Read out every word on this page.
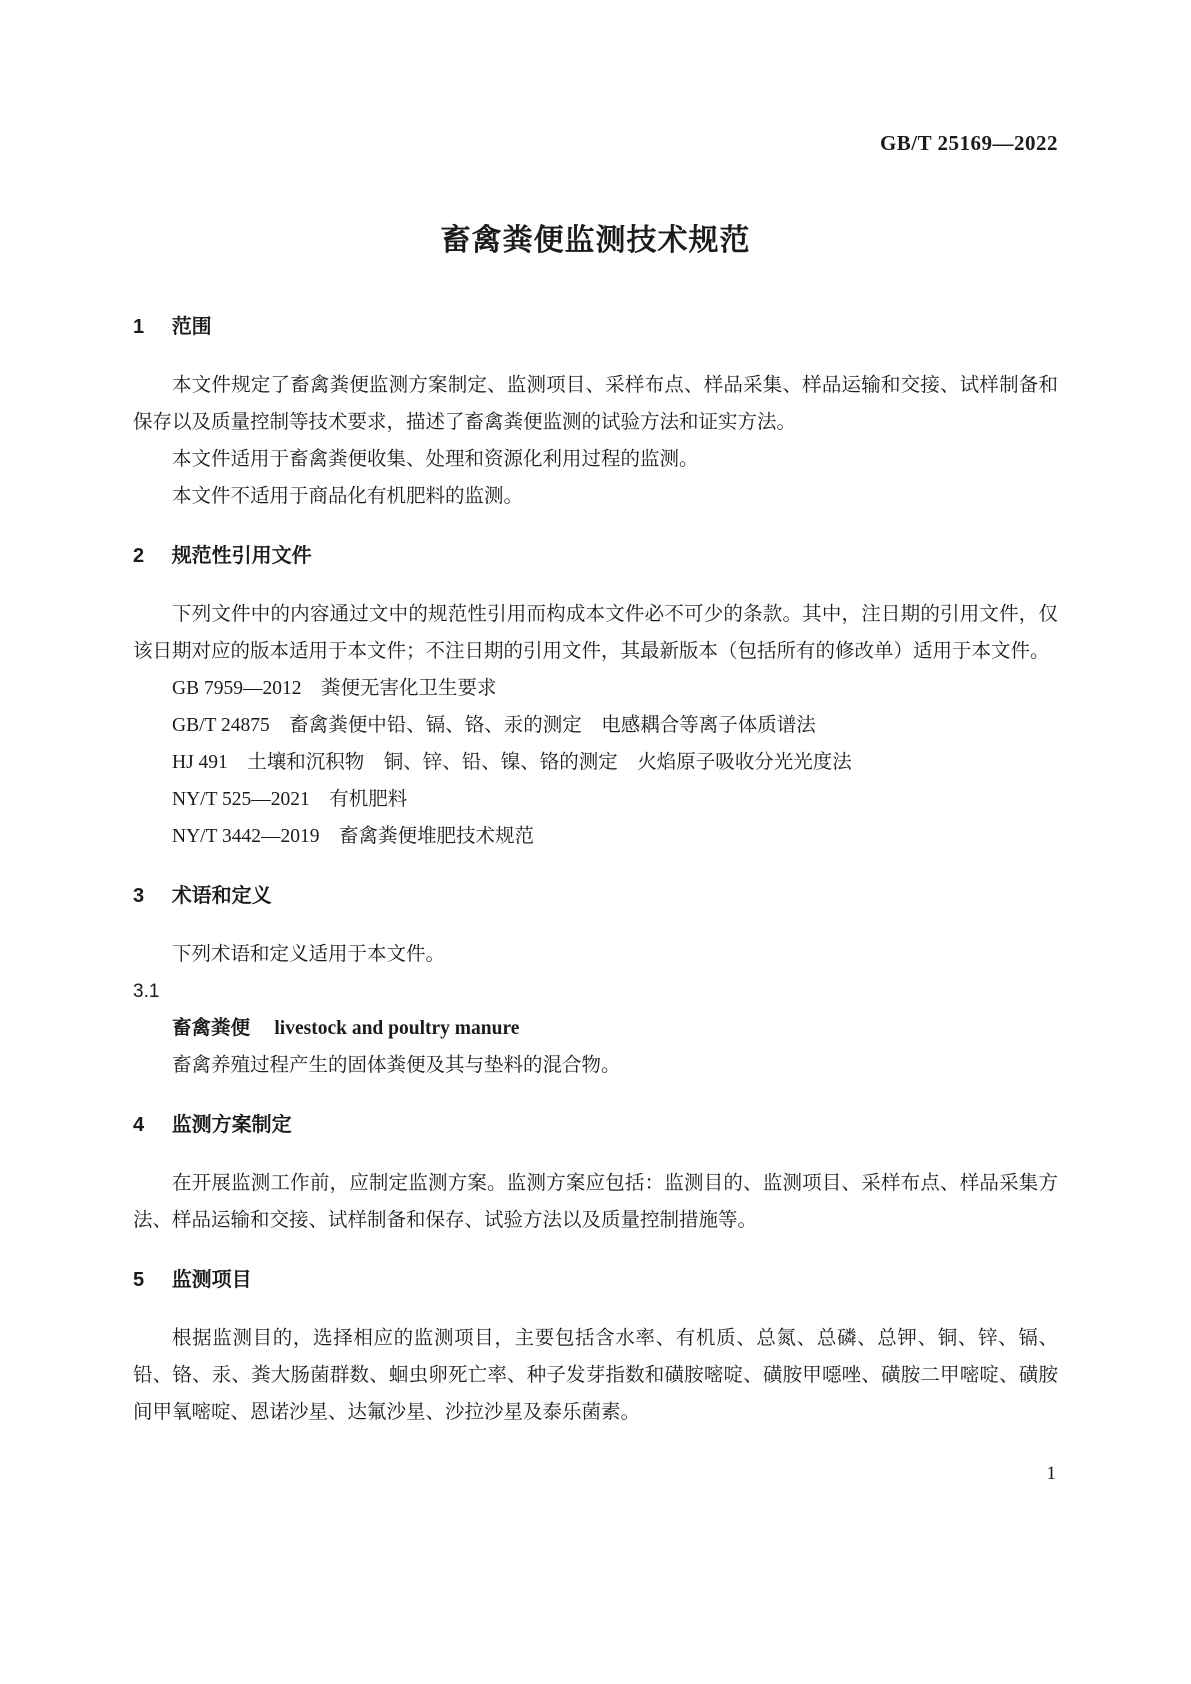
GB/T 25169—2022
畜禽粪便监测技术规范
1 范围

本文件规定了畜禽粪便监测方案制定、监测项目、采样布点、样品采集、样品运输和交接、试样制备和保存以及质量控制等技术要求，描述了畜禽粪便监测的试验方法和证实方法。

本文件适用于畜禽粪便收集、处理和资源化利用过程的监测。

本文件不适用于商品化有机肥料的监测。

2 规范性引用文件

下列文件中的内容通过文中的规范性引用而构成本文件必不可少的条款。其中，注日期的引用文件，仅该日期对应的版本适用于本文件；不注日期的引用文件，其最新版本（包括所有的修改单）适用于本文件。

GB 7959—2012　粪便无害化卫生要求

GB/T 24875　畜禽粪便中铅、镉、铬、汞的测定　电感耦合等离子体质谱法

HJ 491　土壤和沉积物　铜、锌、铅、镍、铬的测定　火焰原子吸收分光光度法

NY/T 525—2021　有机肥料

NY/T 3442—2019　畜禽粪便堆肥技术规范

3 术语和定义

下列术语和定义适用于本文件。

3.1

畜禽粪便 livestock and poultry manure

畜禽养殖过程产生的固体粪便及其与垫料的混合物。

4 监测方案制定

在开展监测工作前，应制定监测方案。监测方案应包括：监测目的、监测项目、采样布点、样品采集方法、样品运输和交接、试样制备和保存、试验方法以及质量控制措施等。

5 监测项目

根据监测目的，选择相应的监测项目，主要包括含水率、有机质、总氮、总磷、总钾、铜、锌、镉、铅、铬、汞、粪大肠菌群数、蛔虫卵死亡率、种子发芽指数和磺胺嘧啶、磺胺甲噁唑、磺胺二甲嘧啶、磺胺间甲氧嘧啶、恩诺沙星、达氟沙星、沙拉沙星及泰乐菌素。

1
